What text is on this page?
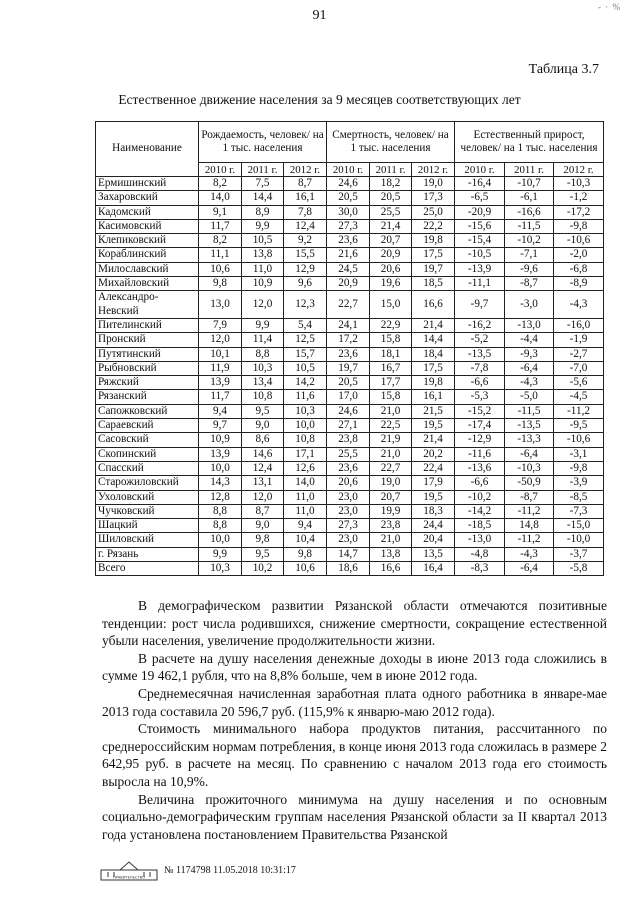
91
- · %
Таблица 3.7
Естественное движение населения за 9 месяцев соответствующих лет
Наименование	Рождаемость, человек/ на 1 тыс. населения			Смертность, человек/ на 1 тыс. населения			Естественный прирост, человек/ на 1 тыс. населения		
	2010 г.	2011 г.	2012 г.	2010 г.	2011 г.	2012 г.	2010 г.	2011 г.	2012 г.
Ермишинский	8,2	7,5	8,7	24,6	18,2	19,0	-16,4	-10,7	-10,3
Захаровский	14,0	14,4	16,1	20,5	20,5	17,3	-6,5	-6,1	-1,2
Кадомский	9,1	8,9	7,8	30,0	25,5	25,0	-20,9	-16,6	-17,2
Касимовский	11,7	9,9	12,4	27,3	21,4	22,2	-15,6	-11,5	-9,8
Клепиковский	8,2	10,5	9,2	23,6	20,7	19,8	-15,4	-10,2	-10,6
Кораблинский	11,1	13,8	15,5	21,6	20,9	17,5	-10,5	-7,1	-2,0
Милославский	10,6	11,0	12,9	24,5	20,6	19,7	-13,9	-9,6	-6,8
Михайловский	9,8	10,9	9,6	20,9	19,6	18,5	-11,1	-8,7	-8,9
Александро-Невский	13,0	12,0	12,3	22,7	15,0	16,6	-9,7	-3,0	-4,3
Пителинский	7,9	9,9	5,4	24,1	22,9	21,4	-16,2	-13,0	-16,0
Пронский	12,0	11,4	12,5	17,2	15,8	14,4	-5,2	-4,4	-1,9
Путятинский	10,1	8,8	15,7	23,6	18,1	18,4	-13,5	-9,3	-2,7
Рыбновский	11,9	10,3	10,5	19,7	16,7	17,5	-7,8	-6,4	-7,0
Ряжский	13,9	13,4	14,2	20,5	17,7	19,8	-6,6	-4,3	-5,6
Рязанский	11,7	10,8	11,6	17,0	15,8	16,1	-5,3	-5,0	-4,5
Сапожковский	9,4	9,5	10,3	24,6	21,0	21,5	-15,2	-11,5	-11,2
Сараевский	9,7	9,0	10,0	27,1	22,5	19,5	-17,4	-13,5	-9,5
Сасовский	10,9	8,6	10,8	23,8	21,9	21,4	-12,9	-13,3	-10,6
Скопинский	13,9	14,6	17,1	25,5	21,0	20,2	-11,6	-6,4	-3,1
Спасский	10,0	12,4	12,6	23,6	22,7	22,4	-13,6	-10,3	-9,8
Старожиловский	14,3	13,1	14,0	20,6	19,0	17,9	-6,6	-50,9	-3,9
Ухоловский	12,8	12,0	11,0	23,0	20,7	19,5	-10,2	-8,7	-8,5
Чучковский	8,8	8,7	11,0	23,0	19,9	18,3	-14,2	-11,2	-7,3
Шацкий	8,8	9,0	9,4	27,3	23,8	24,4	-18,5	14,8	-15,0
Шиловский	10,0	9,8	10,4	23,0	21,0	20,4	-13,0	-11,2	-10,0
г. Рязань	9,9	9,5	9,8	14,7	13,8	13,5	-4,8	-4,3	-3,7
Всего	10,3	10,2	10,6	18,6	16,6	16,4	-8,3	-6,4	-5,8

В демографическом развитии Рязанской области отмечаются позитивные тенденции: рост числа родившихся, снижение смертности, сокращение естественной убыли населения, увеличение продолжительности жизни.

В расчете на душу населения денежные доходы в июне 2013 года сложились в сумме 19 462,1 рубля, что на 8,8% больше, чем в июне 2012 года.

Среднемесячная начисленная заработная плата одного работника в январе-мае 2013 года составила 20 596,7 руб. (115,9% к январю-маю 2012 года).

Стоимость минимального набора продуктов питания, рассчитанного по среднероссийским нормам потребления, в конце июня 2013 года сложилась в размере 2 642,95 руб. в расчете на месяц. По сравнению с началом 2013 года его стоимость выросла на 10,9%.

Величина прожиточного минимума на душу населения и по основным социально-демографическим группам населения Рязанской области за II квартал 2013 года установлена постановлением Правительства Рязанской

ПРАВИТЕЛЬСТВО
№ 1174798 11.05.2018 10:31:17
